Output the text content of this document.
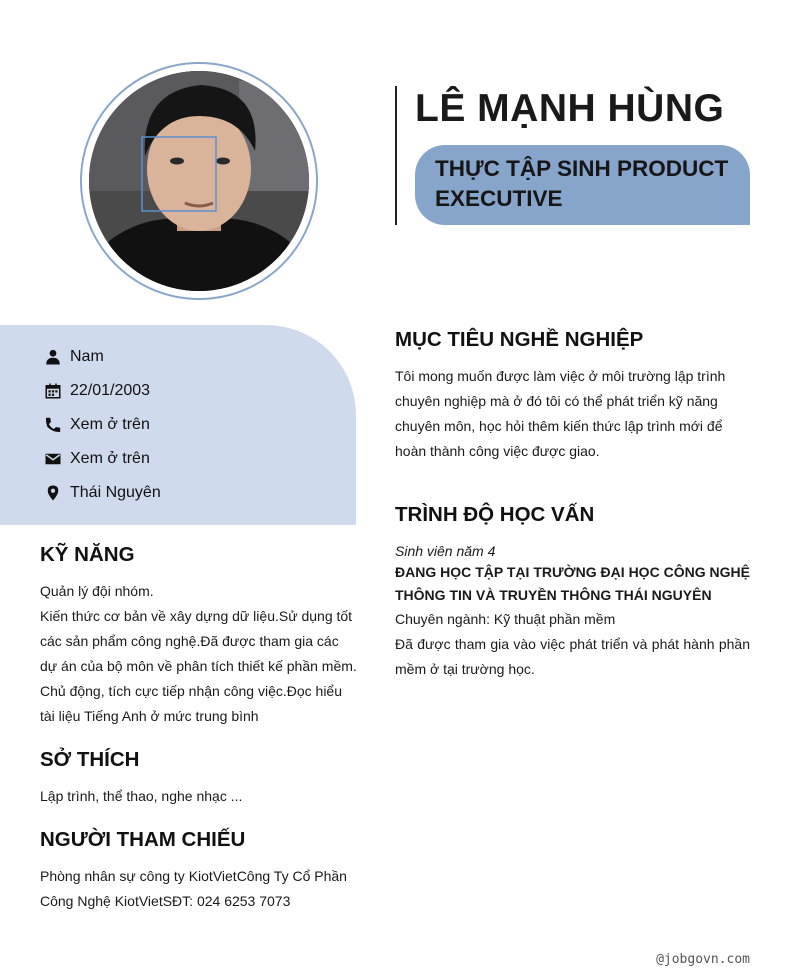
LÊ MẠNH HÙNG
THỰC TẬP SINH PRODUCT EXECUTIVE
Nam
22/01/2003
Xem ở trên
Xem ở trên
Thái Nguyên
KỸ NĂNG
Quản lý đội nhóm.
Kiến thức cơ bản về xây dựng dữ liệu.Sử dụng tốt
các sản phẩm công nghệ.Đã được tham gia các
dự án của bộ môn về phân tích thiết kế phần mềm.
Chủ động, tích cực tiếp nhận công việc.Đọc hiểu
tài liệu Tiếng Anh ở mức trung bình
SỞ THÍCH
Lập trình, thể thao, nghe nhạc ...
NGƯỜI THAM CHIẾU
Phòng nhân sự công ty KiotVietCông Ty Cổ Phần
Công Nghệ KiotVietSĐT: 024 6253 7073
MỤC TIÊU NGHỀ NGHIỆP
Tôi mong muốn được làm việc ở môi trường lập trình
chuyên nghiệp mà ở đó tôi có thể phát triển kỹ năng
chuyên môn, học hỏi thêm kiến thức lập trình mới để
hoàn thành công việc được giao.
TRÌNH ĐỘ HỌC VẤN
Sinh viên năm 4
ĐANG HỌC TẬP TẠI TRƯỜNG ĐẠI HỌC CÔNG NGHỆ THÔNG TIN VÀ TRUYỀN THÔNG THÁI NGUYÊN
Chuyên ngành: Kỹ thuật phần mềm
Đã được tham gia vào việc phát triển và phát hành phần mềm ở tại trường học.
@jobgovn.com
